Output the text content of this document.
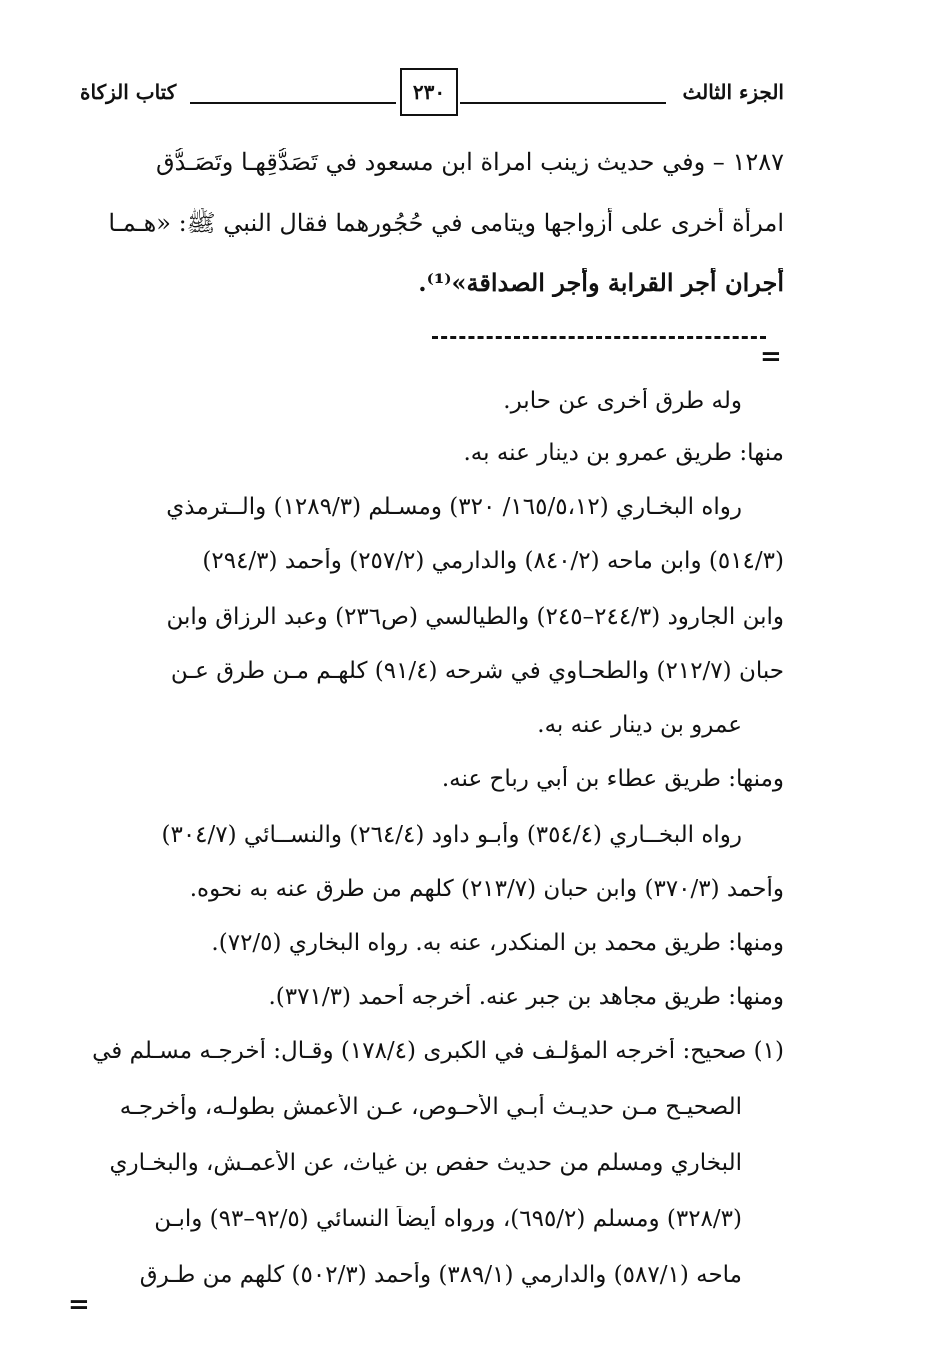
الجزء الثالث
٢٣٠
كتاب الزكاة
١٢٨٧ – وفي حديث زينب امراة ابن مسعود في تَصَدُّقِهـا وتَصَـدُّق
امرأة أخرى على أزواجها ويتامى في حُجُورهما فقال النبي ﷺ: «هـمـا
أجران أجر القرابة وأجر الصداقة»⁽¹⁾.
=
وله طرق أخرى عن حابر.
منها: طريق عمرو بن دينار عنه به.
رواه البخـاري (١٦٥/٥،١٢/ ٣٢٠) ومسـلم (١٢٨٩/٣) والــترمذي
(٥١٤/٣) وابن ماحه (٨٤٠/٢) والدارمي (٢٥٧/٢) وأحمد (٢٩٤/٣)
وابن الجارود (٢٤٤/٣–٢٤٥) والطيالسي (ص٢٣٦) وعبد الرزاق وابن
حبان (٢١٢/٧) والطحـاوي في شرحه (٩١/٤) كلهـم مـن طرق عـن
عمرو بن دينار عنه به.
ومنها: طريق عطاء بن أبي رباح عنه.
رواه البخــاري (٣٥٤/٤) وأبـو داود (٢٦٤/٤) والنســائي (٣٠٤/٧)
وأحمد (٣٧٠/٣) وابن حبان (٢١٣/٧) كلهم من طرق عنه به نحوه.
ومنها: طريق محمد بن المنكدر، عنه به. رواه البخاري (٧٢/٥).
ومنها: طريق مجاهد بن جبر عنه. أخرجه أحمد (٣٧١/٣).
(١) صحيح: أخرجه المؤلـف في الكبرى (١٧٨/٤) وقـال: أخرجـه مسـلم في
الصحيـح مـن حديـث أبـي الأحـوص، عـن الأعمش بطولـه، وأخرجـه
البخاري ومسلم من حديث حفص بن غياث، عن الأعمـش، والبخـاري
(٣٢٨/٣) ومسلم (٦٩٥/٢)، ورواه أيضاً النسائي (٩٢/٥–٩٣) وابـن
ماحه (٥٨٧/١) والدارمي (٣٨٩/١) وأحمد (٥٠٢/٣) كلهم من طـرق
=
